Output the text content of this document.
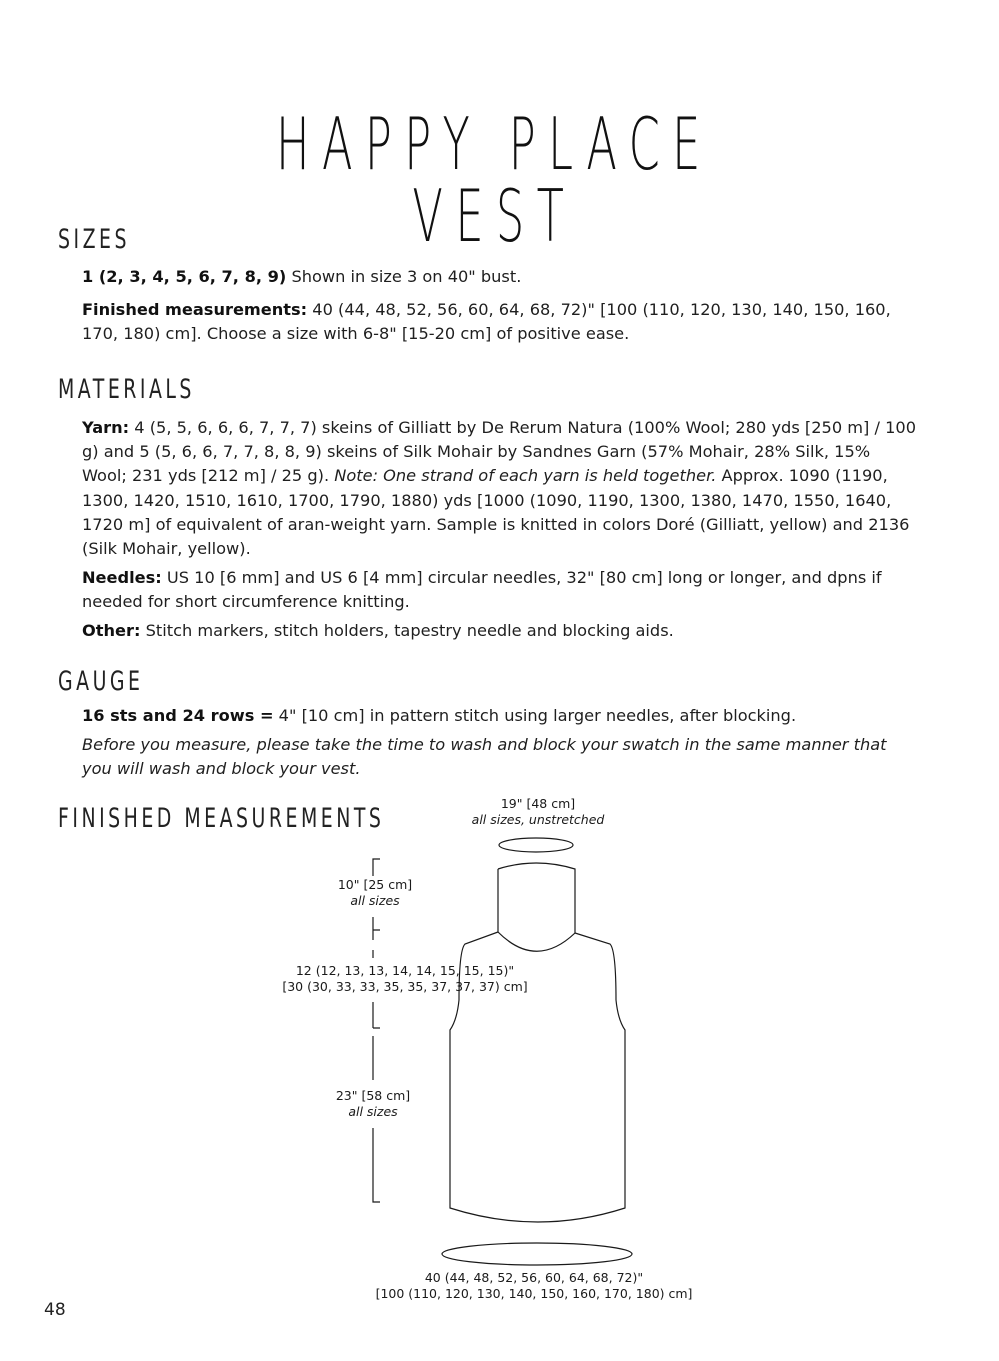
HAPPY PLACE VEST
SIZES

1 (2, 3, 4, 5, 6, 7, 8, 9) Shown in size 3 on 40" bust.

Finished measurements: 40 (44, 48, 52, 56, 60, 64, 68, 72)" [100 (110, 120, 130, 140, 150, 160, 170, 180) cm]. Choose a size with 6-8" [15-20 cm] of positive ease.

MATERIALS

Yarn: 4 (5, 5, 6, 6, 6, 7, 7, 7) skeins of Gilliatt by De Rerum Natura (100% Wool; 280 yds [250 m] / 100 g) and 5 (5, 6, 6, 7, 7, 8, 8, 9) skeins of Silk Mohair by Sandnes Garn (57% Mohair, 28% Silk, 15% Wool; 231 yds [212 m] / 25 g). Note: One strand of each yarn is held together. Approx. 1090 (1190, 1300, 1420, 1510, 1610, 1700, 1790, 1880) yds [1000 (1090, 1190, 1300, 1380, 1470, 1550, 1640, 1720 m] of equivalent of aran-weight yarn. Sample is knitted in colors Doré (Gilliatt, yellow) and 2136 (Silk Mohair, yellow).

Needles: US 10 [6 mm] and US 6 [4 mm] circular needles, 32" [80 cm] long or longer, and dpns if needed for short circumference knitting.

Other: Stitch markers, stitch holders, tapestry needle and blocking aids.

GAUGE

16 sts and 24 rows = 4" [10 cm] in pattern stitch using larger needles, after blocking.

Before you measure, please take the time to wash and block your swatch in the same manner that you will wash and block your vest.

FINISHED MEASUREMENTS	19" [48 cm]
all sizes, unstretched
10" [25 cm]
all sizes
12 (12, 13, 13, 14, 14, 15, 15, 15)"
[30 (30, 33, 33, 35, 35, 37, 37, 37) cm]
23" [58 cm]
all sizes
40 (44, 48, 52, 56, 60, 64, 68, 72)"
[100 (110, 120, 130, 140, 150, 160, 170, 180) cm]
48
